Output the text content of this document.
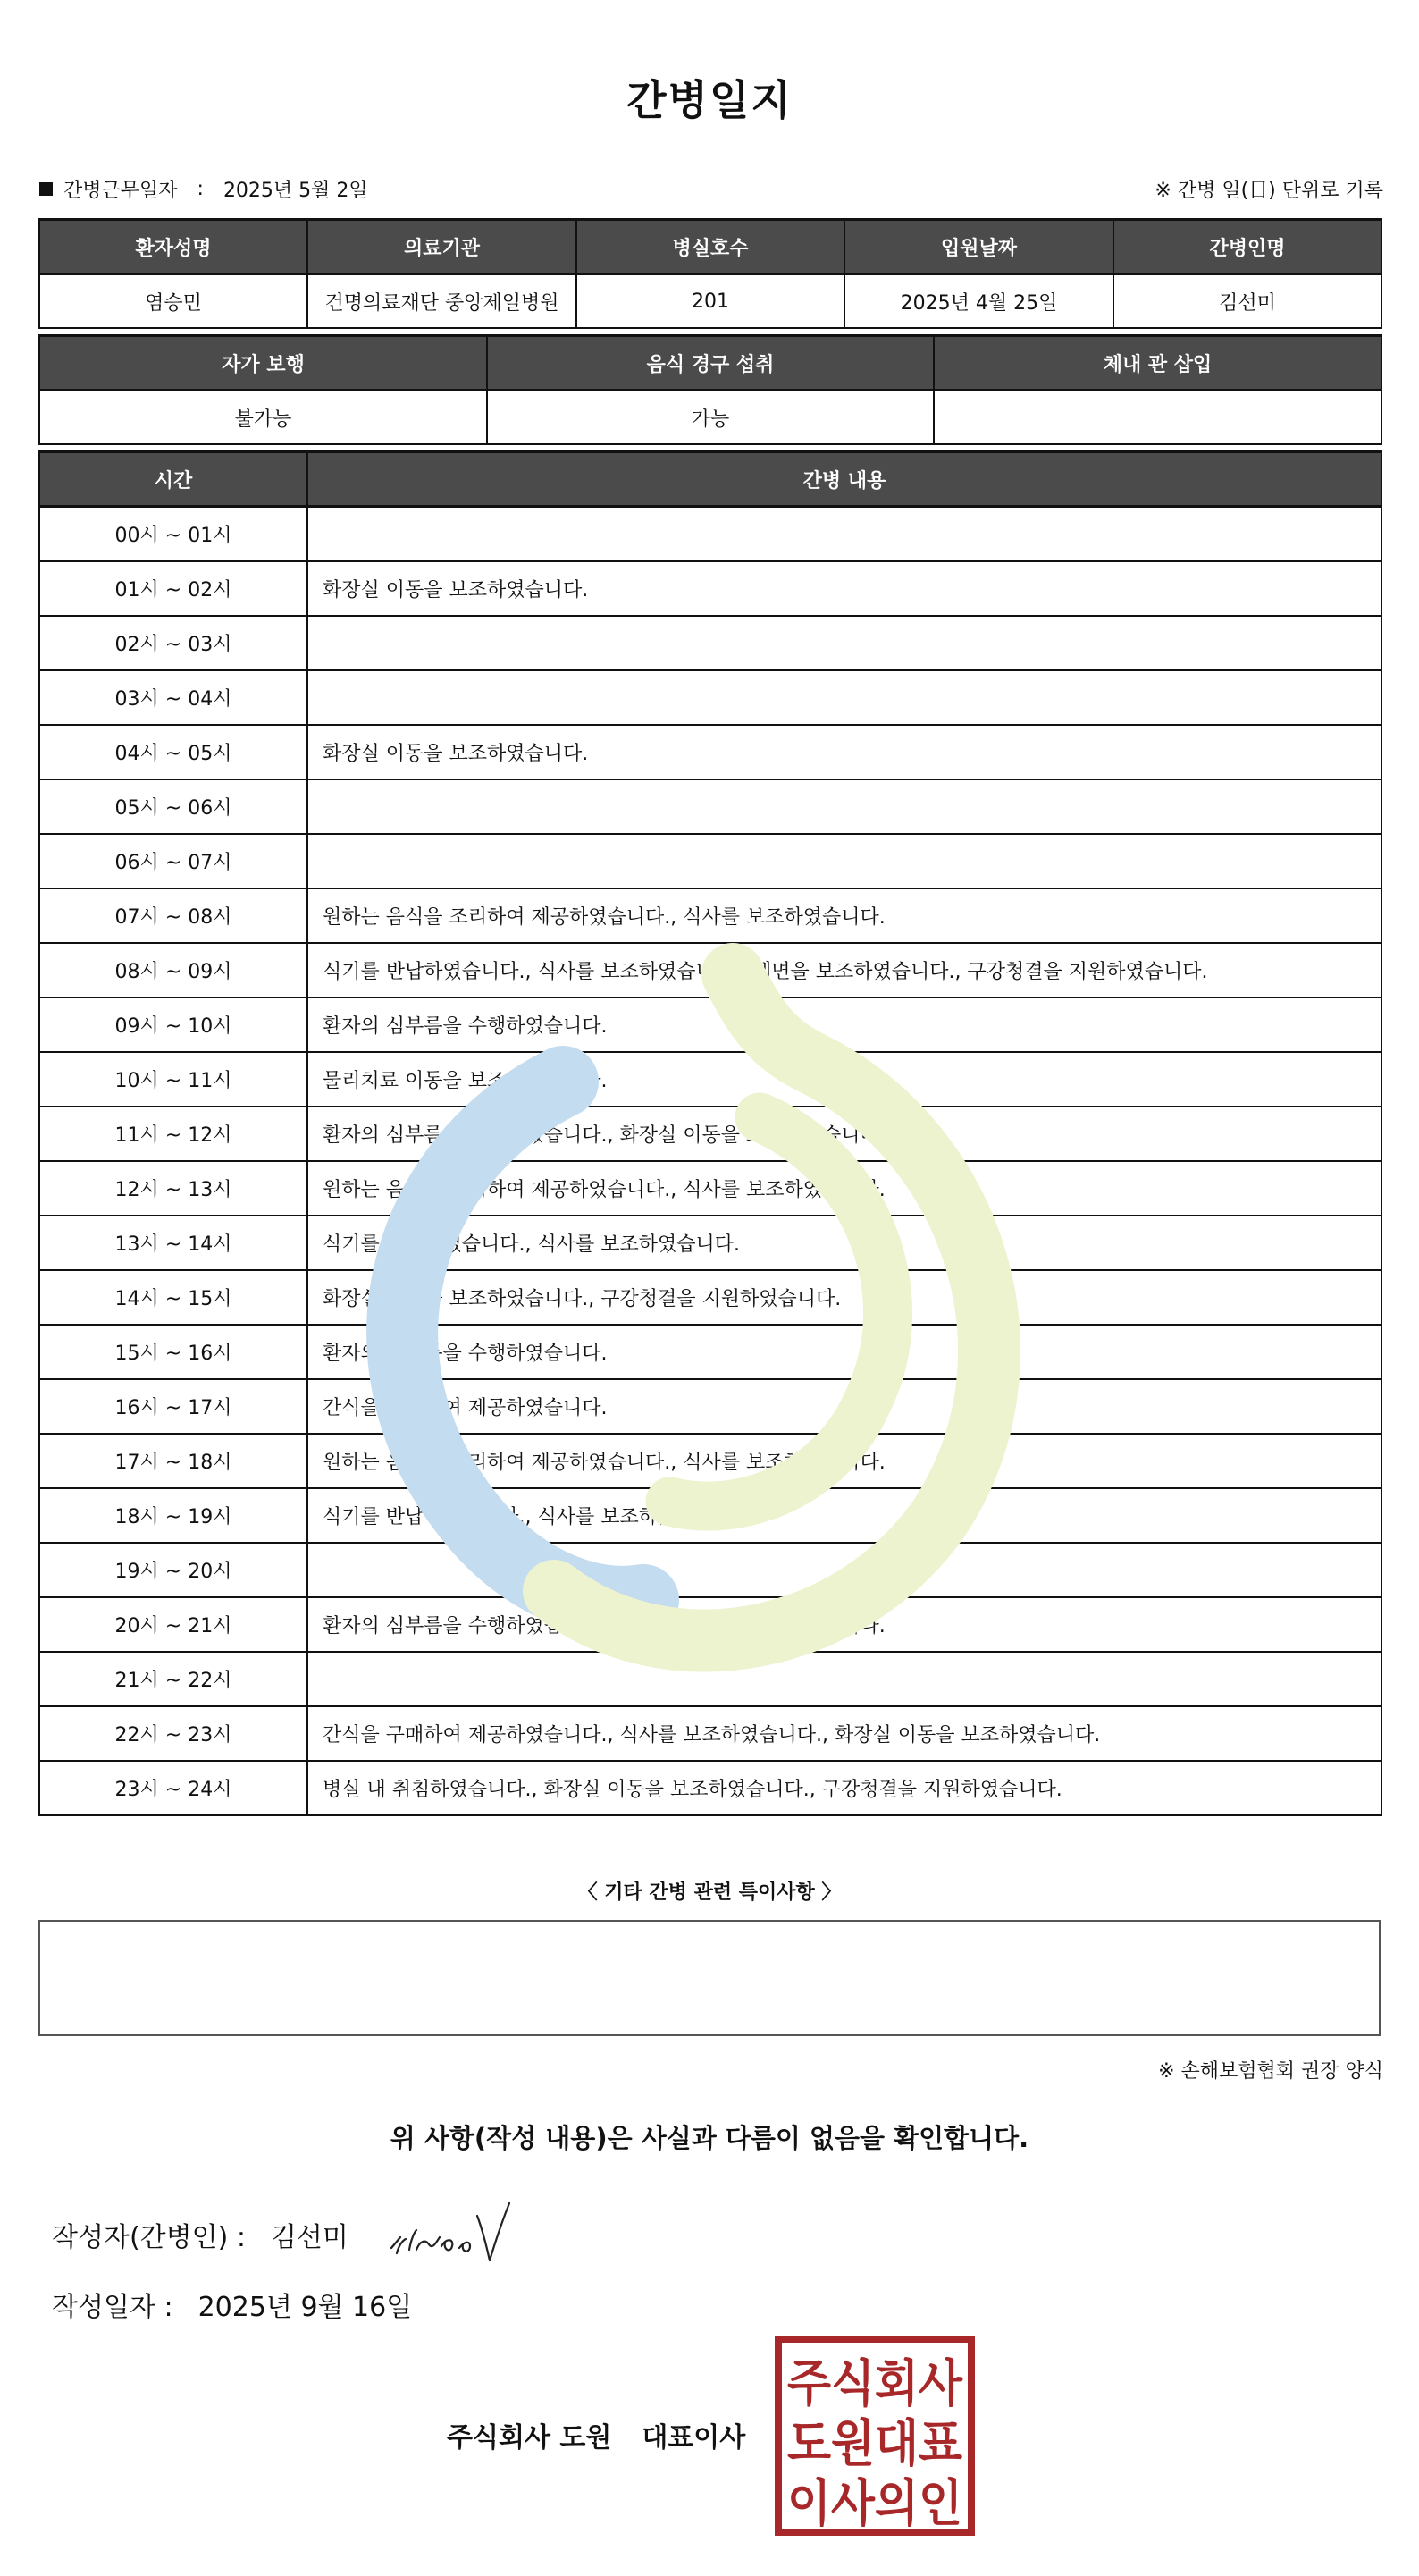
간병일지
간병근무일자 : 2025년 5월 2일	※ 간병 일(日) 단위로 기록
환자성명	의료기관	병실호수	입원날짜	간병인명
염승민	건명의료재단 중앙제일병원	201	2025년 4월 25일	김선미
자가 보행	음식 경구 섭취	체내 관 삽입
불가능	가능	
시간	간병 내용
00시 ~ 01시	
01시 ~ 02시	화장실 이동을 보조하였습니다.
02시 ~ 03시	
03시 ~ 04시	
04시 ~ 05시	화장실 이동을 보조하였습니다.
05시 ~ 06시	
06시 ~ 07시	
07시 ~ 08시	원하는 음식을 조리하여 제공하였습니다., 식사를 보조하였습니다.
08시 ~ 09시	식기를 반납하였습니다., 식사를 보조하였습니다., 세면을 보조하였습니다., 구강청결을 지원하였습니다.
09시 ~ 10시	환자의 심부름을 수행하였습니다.
10시 ~ 11시	물리치료 이동을 보조하였습니다.
11시 ~ 12시	환자의 심부름을 수행하였습니다., 화장실 이동을 보조하였습니다.
12시 ~ 13시	원하는 음식을 조리하여 제공하였습니다., 식사를 보조하였습니다.
13시 ~ 14시	식기를 반납하였습니다., 식사를 보조하였습니다.
14시 ~ 15시	화장실 이동을 보조하였습니다., 구강청결을 지원하였습니다.
15시 ~ 16시	환자의 심부름을 수행하였습니다.
16시 ~ 17시	간식을 구매하여 제공하였습니다.
17시 ~ 18시	원하는 음식을 조리하여 제공하였습니다., 식사를 보조하였습니다.
18시 ~ 19시	식기를 반납하였습니다., 식사를 보조하였습니다.
19시 ~ 20시	
20시 ~ 21시	환자의 심부름을 수행하였습니다., 화장실 이동을 보조하였습니다.
21시 ~ 22시	
22시 ~ 23시	간식을 구매하여 제공하였습니다., 식사를 보조하였습니다., 화장실 이동을 보조하였습니다.
23시 ~ 24시	병실 내 취침하였습니다., 화장실 이동을 보조하였습니다., 구강청결을 지원하였습니다.
〈 기타 간병 관련 특이사항 〉
※ 손해보험협회 권장 양식
위 사항(작성 내용)은 사실과 다름이 없음을 확인합니다.
작성자(간병인) : 김선미
작성일자 : 2025년 9월 16일
주식회사 도원 대표이사
주식회사
도원대표
이사의인
